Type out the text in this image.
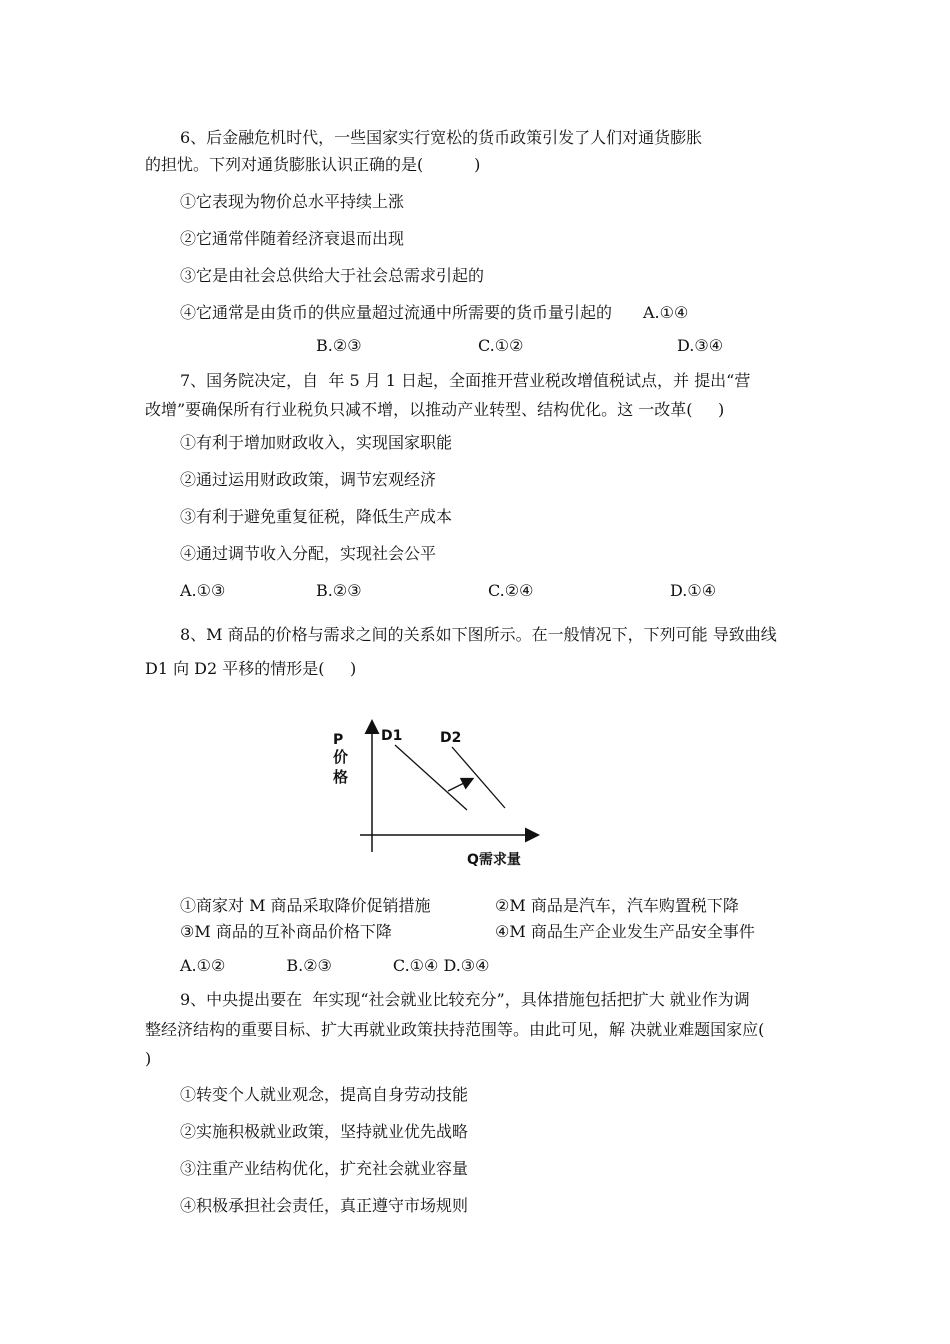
6、后金融危机时代，一些国家实行宽松的货币政策引发了人们对通货膨胀
的担忧。下列对通货膨胀认识正确的是(          )
①它表现为物价总水平持续上涨
②它通常伴随着经济衰退而出现
③它是由社会总供给大于社会总需求引起的
④它通常是由货币的供应量超过流通中所需要的货币量引起的 A.①④
B.②③	C.①②	D.③④
7、国务院决定，自  年 5 月 1 日起，全面推开营业税改增值税试点，并 提出“营
改增”要确保所有行业税负只减不增，以推动产业转型、结构优化。这 一改革(     )
①有利于增加财政收入，实现国家职能
②通过运用财政政策，调节宏观经济
③有利于避免重复征税，降低生产成本
④通过调节收入分配，实现社会公平
A.①③	B.②③	C.②④	D.①④
8、M 商品的价格与需求之间的关系如下图所示。在一般情况下，下列可能 导致曲线
D1 向 D2 平移的情形是(     )
P
价
格
Q需求量
D1	D2
①商家对 M 商品采取降价促销措施	②M 商品是汽车，汽车购置税下降
③M 商品的互补商品价格下降	④M 商品生产企业发生产品安全事件
A.①②            B.②③            C.①④ D.③④
9、中央提出要在  年实现“社会就业比较充分”，具体措施包括把扩大 就业作为调
整经济结构的重要目标、扩大再就业政策扶持范围等。由此可见，解 决就业难题国家应(
)
①转变个人就业观念，提高自身劳动技能
②实施积极就业政策，坚持就业优先战略
③注重产业结构优化，扩充社会就业容量
④积极承担社会责任，真正遵守市场规则
